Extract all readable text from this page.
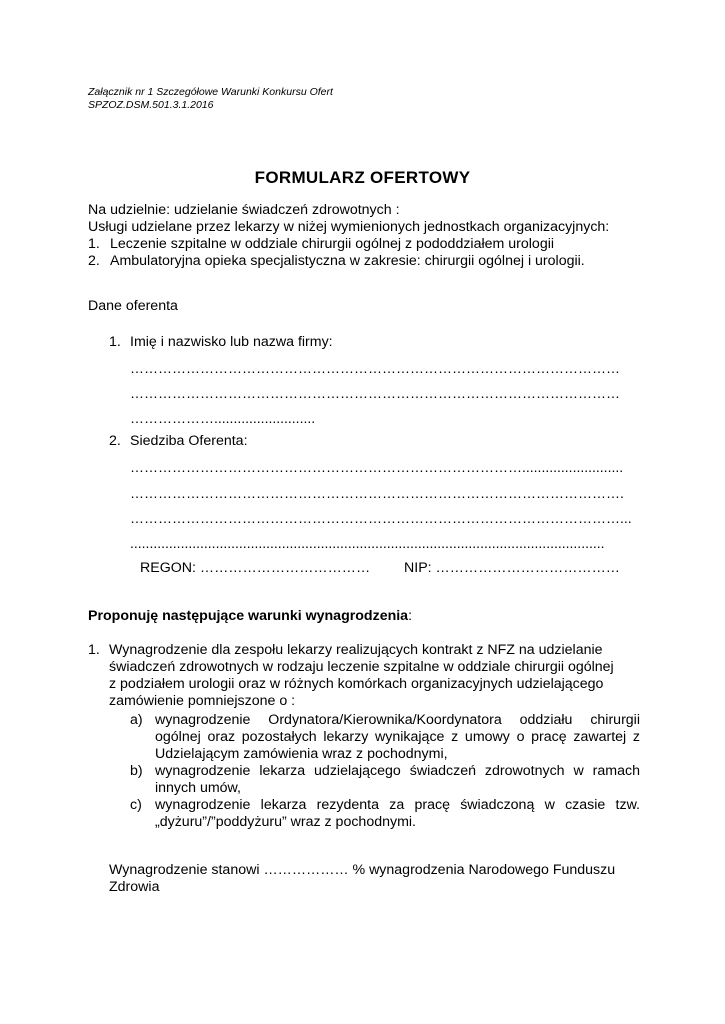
Załącznik nr 1 Szczegółowe Warunki Konkursu Ofert
SPZOZ.DSM.501.3.1.2016
FORMULARZ OFERTOWY
Na udzielnie: udzielanie świadczeń zdrowotnych :
Usługi udzielane przez lekarzy w niżej wymienionych jednostkach organizacyjnych:
1. Leczenie szpitalne w oddziale chirurgii ogólnej z pododdziałem urologii
2. Ambulatoryjna opieka specjalistyczna w zakresie: chirurgii ogólnej i urologii.
Dane oferenta
1. Imię i nazwisko lub nazwa firmy:
……………………………………………………………………………………………
……………………………………………………………………………………………
………………..........................
2. Siedziba Oferenta:
…………………………………………………………………………..........................
…………………………………………………………………………………………….
……………………………………………………………………………………………...
..........................................................................................................................
REGON: ……………………………… NIP: …………………………………
Proponuję następujące warunki wynagrodzenia:
1. Wynagrodzenie dla zespołu lekarzy realizujących kontrakt z NFZ na udzielanie
świadczeń zdrowotnych w rodzaju leczenie szpitalne w oddziale chirurgii ogólnej
z podziałem urologii oraz w różnych komórkach organizacyjnych udzielającego
zamówienie pomniejszone o :
a) wynagrodzenie Ordynatora/Kierownika/Koordynatora oddziału chirurgii
ogólnej oraz pozostałych lekarzy wynikające z umowy o pracę zawartej z
Udzielającym zamówienia wraz z pochodnymi,
b) wynagrodzenie lekarza udzielającego świadczeń zdrowotnych w ramach
innych umów,
c) wynagrodzenie lekarza rezydenta za pracę świadczoną w czasie tzw.
„dyżuru”/”poddyżuru” wraz z pochodnymi.
Wynagrodzenie stanowi ……………… % wynagrodzenia Narodowego Funduszu
Zdrowia
